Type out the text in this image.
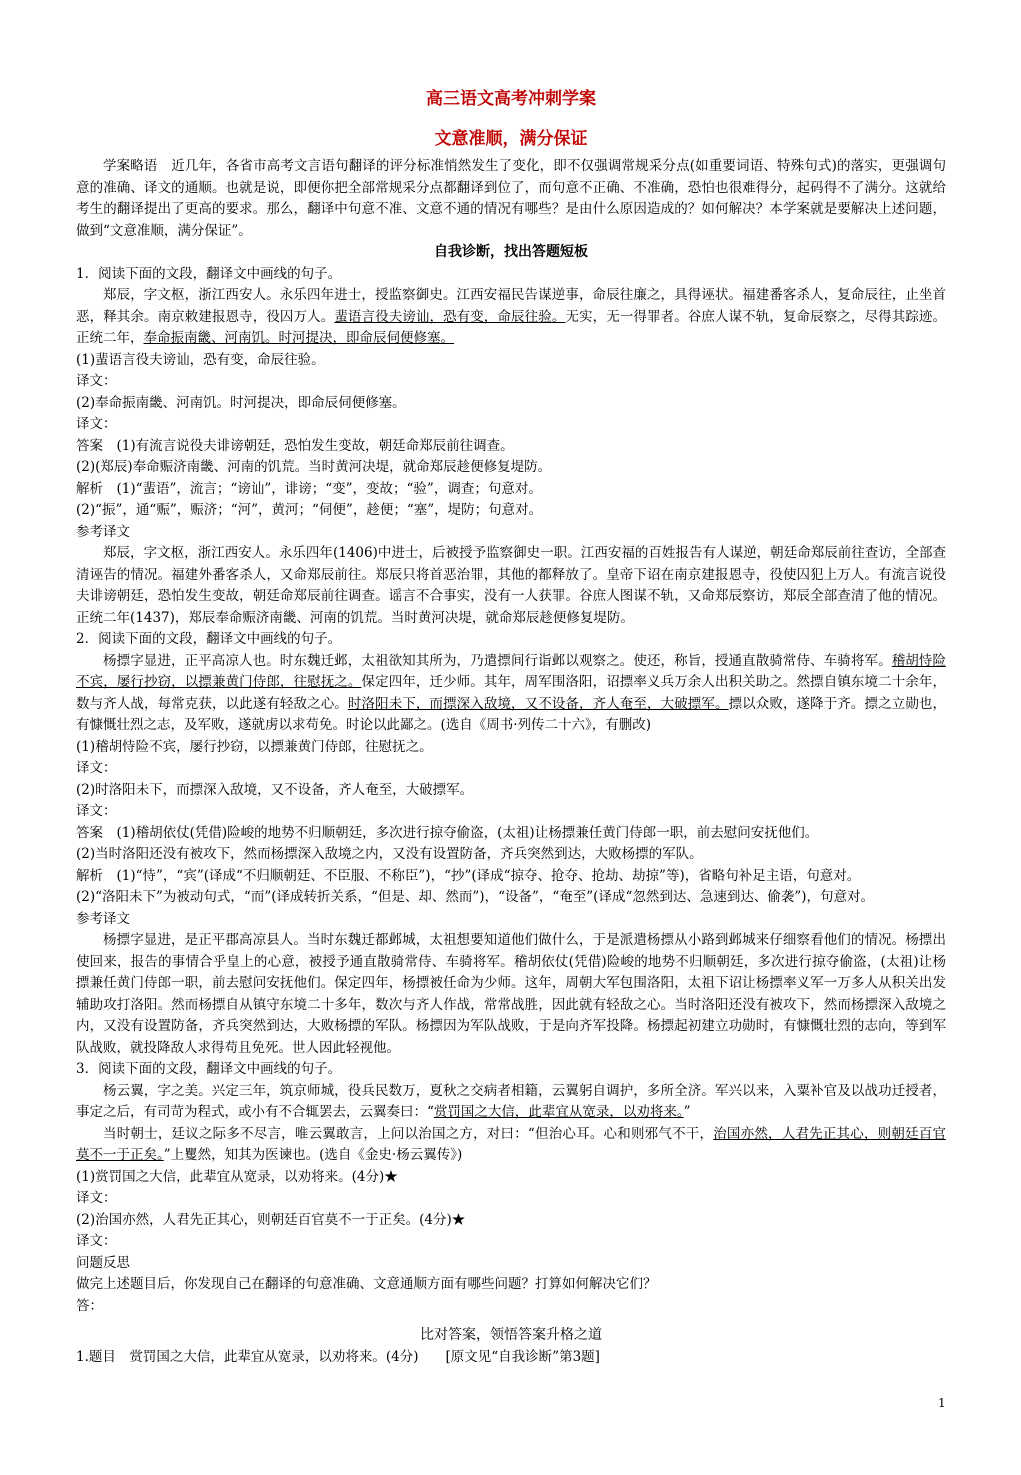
高三语文高考冲刺学案
文意准顺，满分保证

学案略语　近几年，各省市高考文言语句翻译的评分标准悄然发生了变化，即不仅强调常规采分点(如重要词语、特殊句式)的落实，更强调句意的准确、译文的通顺。也就是说，即便你把全部常规采分点都翻译到位了，而句意不正确、不准确，恐怕也很难得分，起码得不了满分。这就给考生的翻译提出了更高的要求。那么，翻译中句意不准、文意不通的情况有哪些？是由什么原因造成的？如何解决？本学案就是要解决上述问题，做到“文意准顺，满分保证”。

自我诊断，找出答题短板

1．阅读下面的文段，翻译文中画线的句子。

郑辰，字文枢，浙江西安人。永乐四年进士，授监察御史。江西安福民告谋逆事，命辰往廉之，具得诬状。福建番客杀人，复命辰往，止坐首恶，释其余。南京敕建报恩寺，役囚万人。蜚语言役夫谤讪，恐有变，命辰往验。无实，无一得罪者。谷庶人谋不轨，复命辰察之，尽得其踪迹。正统二年，奉命振南畿、河南饥。时河提决，即命辰伺便修塞。

(1)蜚语言役夫谤讪，恐有变，命辰往验。

译文：

(2)奉命振南畿、河南饥。时河提决，即命辰伺便修塞。

译文：

答案　(1)有流言说役夫诽谤朝廷，恐怕发生变故，朝廷命郑辰前往调查。

(2)(郑辰)奉命赈济南畿、河南的饥荒。当时黄河决堤，就命郑辰趁便修复堤防。

解析　(1)“蜚语”，流言；“谤讪”，诽谤；“变”，变故；“验”，调查；句意对。

(2)“振”，通“赈”，赈济；“河”，黄河；“伺便”，趁便；“塞”，堤防；句意对。

参考译文

郑辰，字文枢，浙江西安人。永乐四年(1406)中进士，后被授予监察御史一职。江西安福的百姓报告有人谋逆，朝廷命郑辰前往查访，全部查清诬告的情况。福建外番客杀人，又命郑辰前往。郑辰只将首恶治罪，其他的都释放了。皇帝下诏在南京建报恩寺，役使囚犯上万人。有流言说役夫诽谤朝廷，恐怕发生变故，朝廷命郑辰前往调查。谣言不合事实，没有一人获罪。谷庶人图谋不轨，又命郑辰察访，郑辰全部查清了他的情况。正统二年(1437)，郑辰奉命赈济南畿、河南的饥荒。当时黄河决堤，就命郑辰趁便修复堤防。

2．阅读下面的文段，翻译文中画线的句子。

杨摽字显进，正平高凉人也。时东魏迁邺，太祖欲知其所为，乃遣摽间行诣邺以观察之。使还，称旨，授通直散骑常侍、车骑将军。稽胡恃险不宾，屡行抄窃，以摽兼黄门侍郎，往慰抚之。保定四年，迁少师。其年，周军围洛阳，诏摽率义兵万余人出积关助之。然摽自镇东境二十余年，数与齐人战，每常克获，以此遂有轻敌之心。时洛阳未下，而摽深入敌境，又不设备，齐人奄至，大破摽军。摽以众败，遂降于齐。摽之立勋也，有慷慨壮烈之志，及军败，遂就虏以求苟免。时论以此鄙之。(选自《周书·列传二十六》，有删改)

(1)稽胡恃险不宾，屡行抄窃，以摽兼黄门侍郎，往慰抚之。

译文：

(2)时洛阳未下，而摽深入敌境，又不设备，齐人奄至，大破摽军。

译文：

答案　(1)稽胡依仗(凭借)险峻的地势不归顺朝廷，多次进行掠夺偷盗，(太祖)让杨摽兼任黄门侍郎一职，前去慰问安抚他们。

(2)当时洛阳还没有被攻下，然而杨摽深入敌境之内，又没有设置防备，齐兵突然到达，大败杨摽的军队。

解析　(1)“恃”，“宾”(译成“不归顺朝廷、不臣服、不称臣”)，“抄”(译成“掠夺、抢夺、抢劫、劫掠”等)，省略句补足主语，句意对。

(2)“洛阳未下”为被动句式，“而”(译成转折关系，“但是、却、然而”)，“设备”，“奄至”(译成“忽然到达、急速到达、偷袭”)，句意对。

参考译文

杨摽字显进，是正平郡高凉县人。当时东魏迁都邺城，太祖想要知道他们做什么，于是派遣杨摽从小路到邺城来仔细察看他们的情况。杨摽出使回来，报告的事情合乎皇上的心意，被授予通直散骑常侍、车骑将军。稽胡依仗(凭借)险峻的地势不归顺朝廷，多次进行掠夺偷盗，(太祖)让杨摽兼任黄门侍郎一职，前去慰问安抚他们。保定四年，杨摽被任命为少师。这年，周朝大军包围洛阳，太祖下诏让杨摽率义军一万多人从积关出发辅助攻打洛阳。然而杨摽自从镇守东境二十多年，数次与齐人作战，常常战胜，因此就有轻敌之心。当时洛阳还没有被攻下，然而杨摽深入敌境之内，又没有设置防备，齐兵突然到达，大败杨摽的军队。杨摽因为军队战败，于是向齐军投降。杨摽起初建立功勋时，有慷慨壮烈的志向，等到军队战败，就投降敌人求得苟且免死。世人因此轻视他。

3．阅读下面的文段，翻译文中画线的句子。

杨云翼，字之美。兴定三年，筑京师城，役兵民数万，夏秋之交病者相籍，云翼躬自调护，多所全济。军兴以来，入粟补官及以战功迁授者，事定之后，有司苛为程式，或小有不合辄罢去，云翼奏曰：“赏罚国之大信，此辈宜从宽录，以劝将来。”

当时朝士，廷议之际多不尽言，唯云翼敢言，上问以治国之方，对曰：“但治心耳。心和则邪气不干，治国亦然，人君先正其心，则朝廷百官莫不一于正矣。”上矍然，知其为医谏也。(选自《金史·杨云翼传》)

(1)赏罚国之大信，此辈宜从宽录，以劝将来。(4分)★

译文：

(2)治国亦然，人君先正其心，则朝廷百官莫不一于正矣。(4分)★

译文：

问题反思

做完上述题目后，你发现自己在翻译的句意准确、文意通顺方面有哪些问题？打算如何解决它们？

答：

比对答案，领悟答案升格之道

1.题目　赏罚国之大信，此辈宜从宽录，以劝将来。(4分)　　[原文见“自我诊断”第3题]

1
